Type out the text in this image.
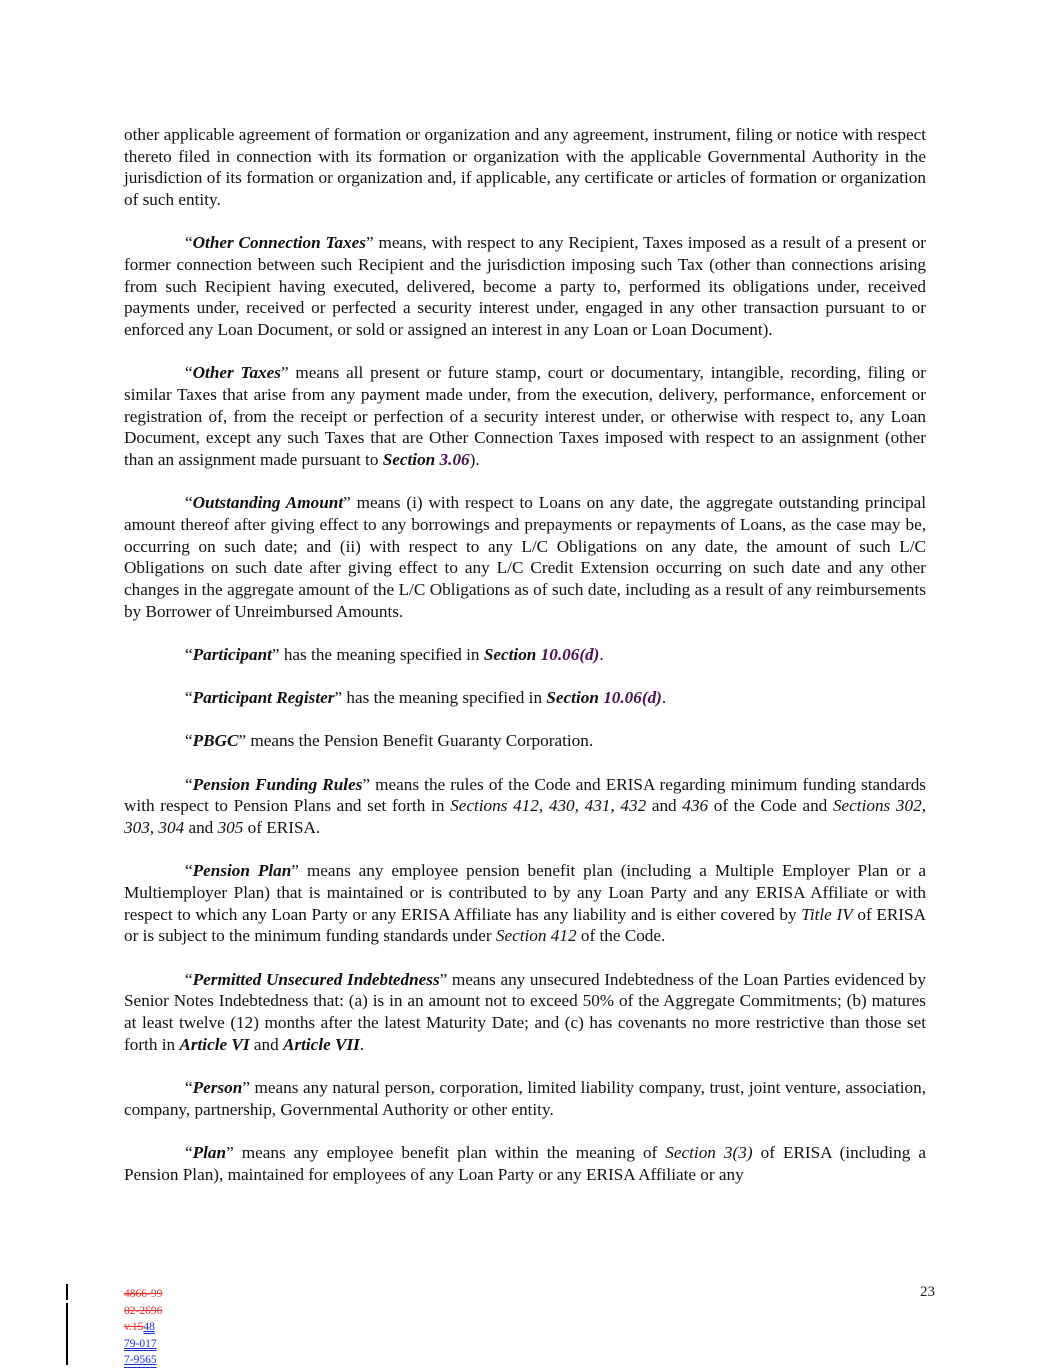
other applicable agreement of formation or organization and any agreement, instrument, filing or notice with respect thereto filed in connection with its formation or organization with the applicable Governmental Authority in the jurisdiction of its formation or organization and, if applicable, any certificate or articles of formation or organization of such entity.

“Other Connection Taxes” means, with respect to any Recipient, Taxes imposed as a result of a present or former connection between such Recipient and the jurisdiction imposing such Tax (other than connections arising from such Recipient having executed, delivered, become a party to, performed its obligations under, received payments under, received or perfected a security interest under, engaged in any other transaction pursuant to or enforced any Loan Document, or sold or assigned an interest in any Loan or Loan Document).

“Other Taxes” means all present or future stamp, court or documentary, intangible, recording, filing or similar Taxes that arise from any payment made under, from the execution, delivery, performance, enforcement or registration of, from the receipt or perfection of a security interest under, or otherwise with respect to, any Loan Document, except any such Taxes that are Other Connection Taxes imposed with respect to an assignment (other than an assignment made pursuant to Section 3.06).

“Outstanding Amount” means (i) with respect to Loans on any date, the aggregate outstanding principal amount thereof after giving effect to any borrowings and prepayments or repayments of Loans, as the case may be, occurring on such date; and (ii) with respect to any L/C Obligations on any date, the amount of such L/C Obligations on such date after giving effect to any L/C Credit Extension occurring on such date and any other changes in the aggregate amount of the L/C Obligations as of such date, including as a result of any reimbursements by Borrower of Unreimbursed Amounts.

“Participant” has the meaning specified in Section 10.06(d).

“Participant Register” has the meaning specified in Section 10.06(d).

“PBGC” means the Pension Benefit Guaranty Corporation.

“Pension Funding Rules” means the rules of the Code and ERISA regarding minimum funding standards with respect to Pension Plans and set forth in Sections 412, 430, 431, 432 and 436 of the Code and Sections 302, 303, 304 and 305 of ERISA.

“Pension Plan” means any employee pension benefit plan (including a Multiple Employer Plan or a Multiemployer Plan) that is maintained or is contributed to by any Loan Party and any ERISA Affiliate or with respect to which any Loan Party or any ERISA Affiliate has any liability and is either covered by Title IV of ERISA or is subject to the minimum funding standards under Section 412 of the Code.

“Permitted Unsecured Indebtedness” means any unsecured Indebtedness of the Loan Parties evidenced by Senior Notes Indebtedness that: (a) is in an amount not to exceed 50% of the Aggregate Commitments; (b) matures at least twelve (12) months after the latest Maturity Date; and (c) has covenants no more restrictive than those set forth in Article VI and Article VII.

“Person” means any natural person, corporation, limited liability company, trust, joint venture, association, company, partnership, Governmental Authority or other entity.

“Plan” means any employee benefit plan within the meaning of Section 3(3) of ERISA (including a Pension Plan), maintained for employees of any Loan Party or any ERISA Affiliate or any

4866-99
02-2696
v.1548
79-017
7-9565
23
